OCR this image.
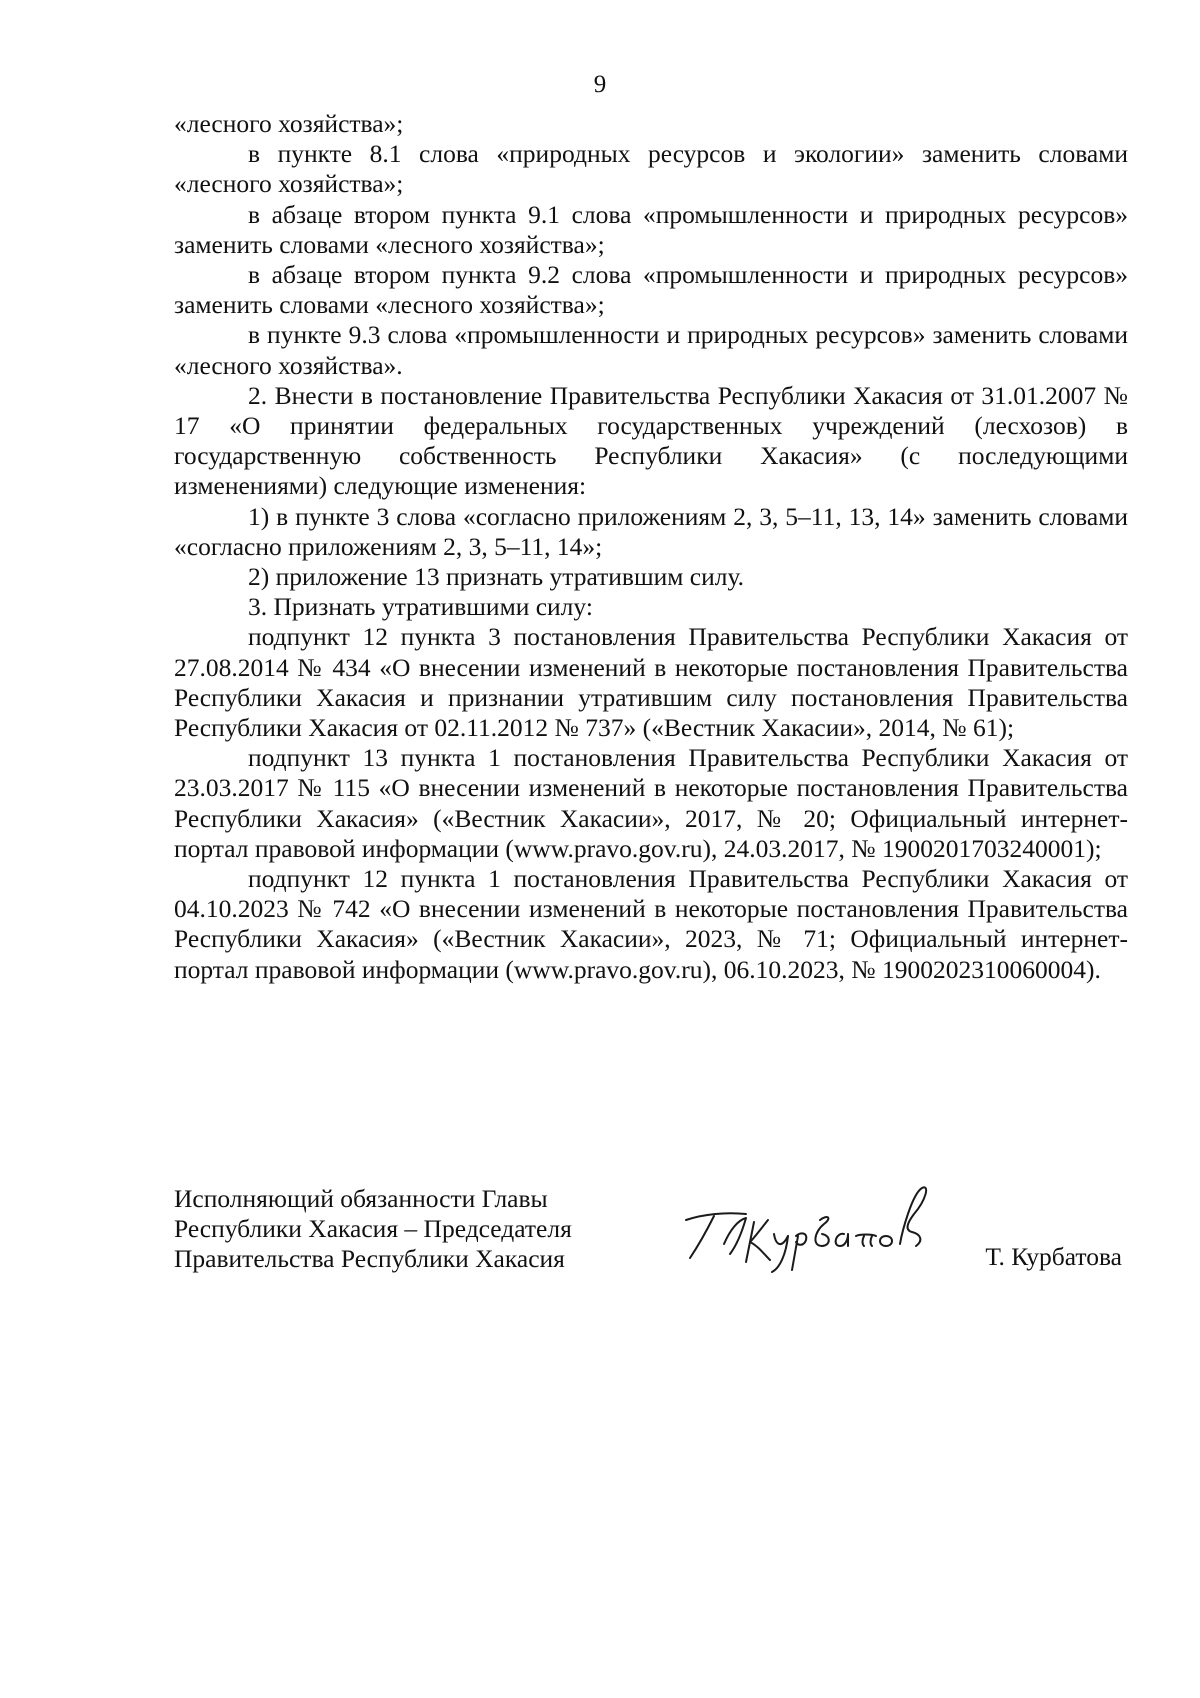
9

«лесного хозяйства»;

в пункте 8.1 слова «природных ресурсов и экологии» заменить словами «лесного хозяйства»;

в абзаце втором пункта 9.1 слова «промышленности и природных ресурсов» заменить словами «лесного хозяйства»;

в абзаце втором пункта 9.2 слова «промышленности и природных ресурсов» заменить словами «лесного хозяйства»;

в пункте 9.3 слова «промышленности и природных ресурсов» заменить словами «лесного хозяйства».

2. Внести в постановление Правительства Республики Хакасия от 31.01.2007 № 17 «О принятии федеральных государственных учреждений (лесхозов) в государственную собственность Республики Хакасия» (с последующими изменениями) следующие изменения:

1) в пункте 3 слова «согласно приложениям 2, 3, 5–11, 13, 14» заменить словами «согласно приложениям 2, 3, 5–11, 14»;

2) приложение 13 признать утратившим силу.

3. Признать утратившими силу:

подпункт 12 пункта 3 постановления Правительства Республики Хакасия от 27.08.2014 № 434 «О внесении изменений в некоторые постановления Правительства Республики Хакасия и признании утратившим силу постановления Правительства Республики Хакасия от 02.11.2012 № 737» («Вестник Хакасии», 2014, № 61);

подпункт 13 пункта 1 постановления Правительства Республики Хакасия от 23.03.2017 № 115 «О внесении изменений в некоторые постановления Правительства Республики Хакасия» («Вестник Хакасии», 2017, № 20; Официальный интернет-портал правовой информации (www.pravo.gov.ru), 24.03.2017, № 1900201703240001);

подпункт 12 пункта 1 постановления Правительства Республики Хакасия от 04.10.2023 № 742 «О внесении изменений в некоторые постановления Правительства Республики Хакасия» («Вестник Хакасии», 2023, № 71; Официальный интернет-портал правовой информации (www.pravo.gov.ru), 06.10.2023, № 1900202310060004).

Исполняющий обязанности Главы
Республики Хакасия – Председателя
Правительства Республики Хакасия	Т. Курбатова
